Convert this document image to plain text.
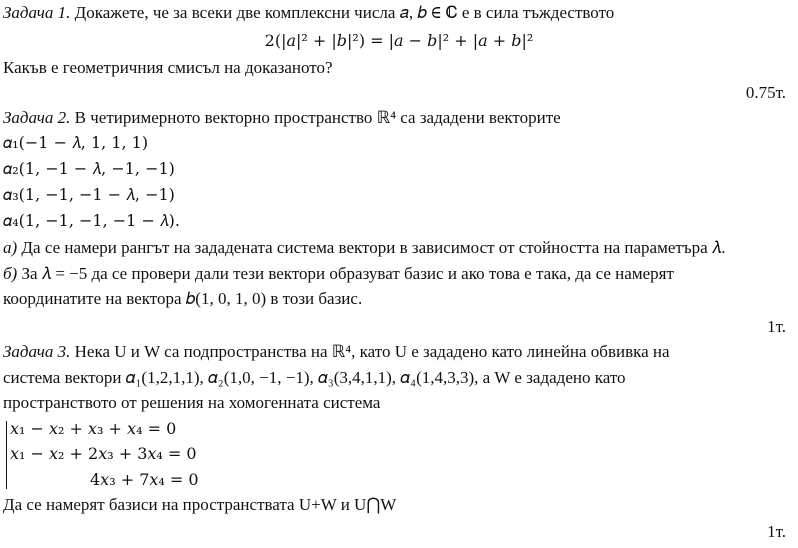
Задача 1. Докажете, че за всеки две комплексни числа 𝑎, 𝑏 ∈ ℂ е в сила тъждеството
2(|𝑎|² + |𝑏|²) = |𝑎 − 𝑏|² + |𝑎 + 𝑏|²
Какъв е геометричния смисъл на доказаното?
0.75т.
Задача 2. В четиримерното векторно пространство ℝ⁴ са зададени векторите
𝛼₁(−1 − 𝜆, 1, 1, 1)
𝛼₂(1, −1 − 𝜆, −1, −1)
𝛼₃(1, −1, −1 − 𝜆, −1)
𝛼₄(1, −1, −1, −1 − 𝜆).
а) Да се намери рангът на зададената система вектори в зависимост от стойността на параметъра 𝜆.
б) За 𝜆 = −5 да се провери дали тези вектори образуват базис и ако това е така, да се намерят
координатите на вектора 𝑏(1, 0, 1, 0) в този базис.
1т.
Задача 3. Нека U и W са подпространства на ℝ⁴, като U е зададено като линейна обвивка на
система вектори 𝛼₁(1,2,1,1), 𝛼₂(1,0, −1, −1), 𝛼₃(3,4,1,1), 𝛼₄(1,4,3,3), а W е зададено като
пространството от решения на хомогенната система
𝑥₁ − 𝑥₂ + 𝑥₃ + 𝑥₄ = 0
𝑥₁ − 𝑥₂ + 2𝑥₃ + 3𝑥₄ = 0
4𝑥₃ + 7𝑥₄ = 0
Да се намерят базиси на пространствата U+W и U⋂W
1т.
